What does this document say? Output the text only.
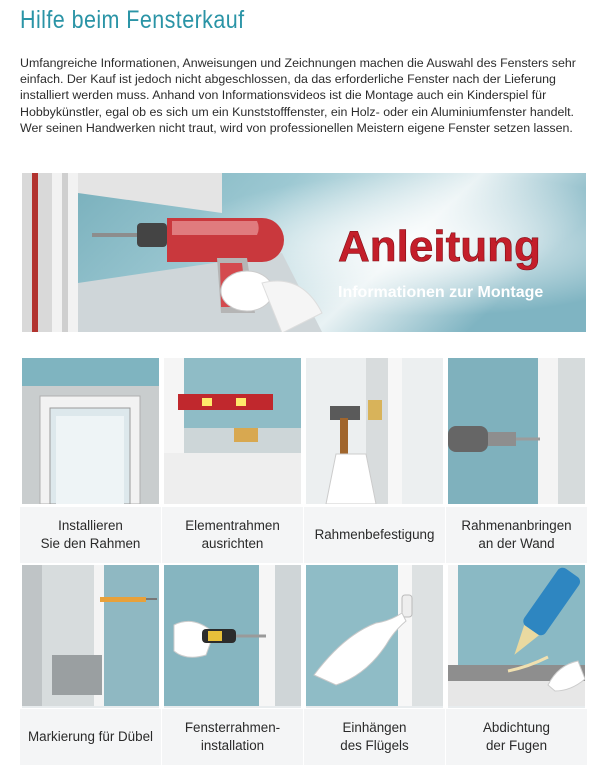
Hilfe beim Fensterkauf
Umfangreiche Informationen, Anweisungen und Zeichnungen machen die Auswahl des Fensters sehr einfach. Der Kauf ist jedoch nicht abgeschlossen, da das erforderliche Fenster nach der Lieferung installiert werden muss. Anhand von Informationsvideos ist die Montage auch ein Kinderspiel für Hobbykünstler, egal ob es sich um ein Kunststofffenster, ein Holz- oder ein Aluminiumfenster handelt. Wer seinen Handwerken nicht traut, wird von professionellen Meistern eigene Fenster setzen lassen.
Anleitung
Informationen zur Montage
Installieren
Sie den Rahmen
Elementrahmen
ausrichten
Rahmenbefestigung
Rahmenanbringen
an der Wand
Markierung für Dübel
Fensterrahmen-
installation
Einhängen
des Flügels
Abdichtung
der Fugen
